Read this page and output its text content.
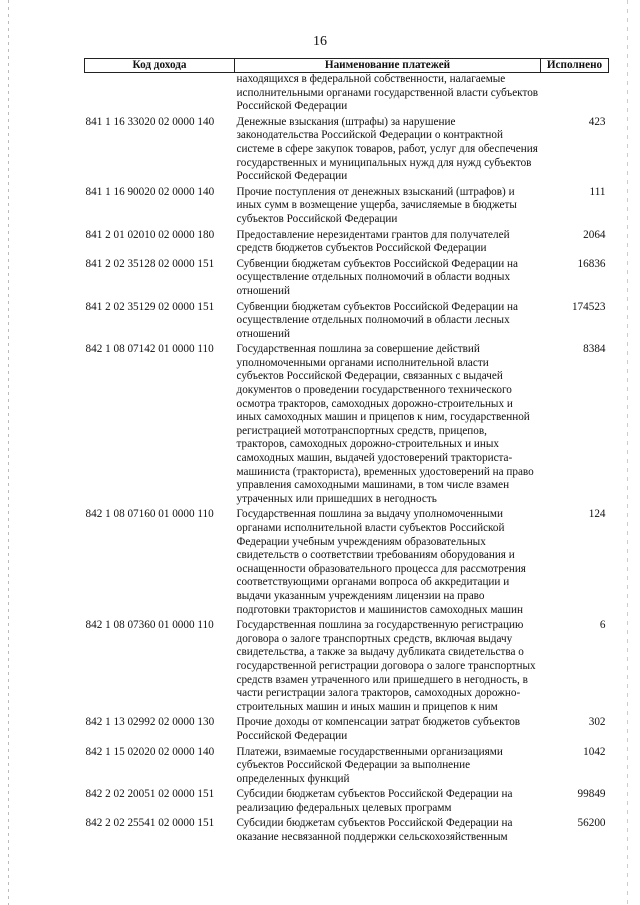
16
Код дохода	Наименование платежей	Исполнено
	находящихся в федеральной собственности, налагаемые исполнительными органами государственной власти субъектов Российской Федерации	
841 1 16 33020 02 0000 140	Денежные взыскания (штрафы) за нарушение законодательства Российской Федерации о контрактной системе в сфере закупок товаров, работ, услуг для обеспечения государственных и муниципальных нужд для нужд субъектов Российской Федерации	423
841 1 16 90020 02 0000 140	Прочие поступления от денежных взысканий (штрафов) и иных сумм в возмещение ущерба, зачисляемые в бюджеты субъектов Российской Федерации	111
841 2 01 02010 02 0000 180	Предоставление нерезидентами грантов для получателей средств бюджетов субъектов Российской Федерации	2064
841 2 02 35128 02 0000 151	Субвенции бюджетам субъектов Российской Федерации на осуществление отдельных полномочий в области водных отношений	16836
841 2 02 35129 02 0000 151	Субвенции бюджетам субъектов Российской Федерации на осуществление отдельных полномочий в области лесных отношений	174523
842 1 08 07142 01 0000 110	Государственная пошлина за совершение действий уполномоченными органами исполнительной власти субъектов Российской Федерации, связанных с выдачей документов о проведении государственного технического осмотра тракторов, самоходных дорожно-строительных и иных самоходных машин и прицепов к ним, государственной регистрацией мототранспортных средств, прицепов, тракторов, самоходных дорожно-строительных и иных самоходных машин, выдачей удостоверений тракториста-машиниста (тракториста), временных удостоверений на право управления самоходными машинами, в том числе взамен утраченных или пришедших в негодность	8384
842 1 08 07160 01 0000 110	Государственная пошлина за выдачу уполномоченными органами исполнительной власти субъектов Российской Федерации учебным учреждениям образовательных свидетельств о соответствии требованиям оборудования и оснащенности образовательного процесса для рассмотрения соответствующими органами вопроса об аккредитации и выдачи указанным учреждениям лицензии на право подготовки трактористов и машинистов самоходных машин	124
842 1 08 07360 01 0000 110	Государственная пошлина за государственную регистрацию договора о залоге транспортных средств, включая выдачу свидетельства, а также за выдачу дубликата свидетельства о государственной регистрации договора о залоге транспортных средств взамен утраченного или пришедшего в негодность, в части регистрации залога тракторов, самоходных дорожно-строительных машин и иных машин и прицепов к ним	6
842 1 13 02992 02 0000 130	Прочие доходы от компенсации затрат бюджетов субъектов Российской Федерации	302
842 1 15 02020 02 0000 140	Платежи, взимаемые государственными организациями субъектов Российской Федерации за выполнение определенных функций	1042
842 2 02 20051 02 0000 151	Субсидии бюджетам субъектов Российской Федерации на реализацию федеральных целевых программ	99849
842 2 02 25541 02 0000 151	Субсидии бюджетам субъектов Российской Федерации на оказание несвязанной поддержки сельскохозяйственным	56200
